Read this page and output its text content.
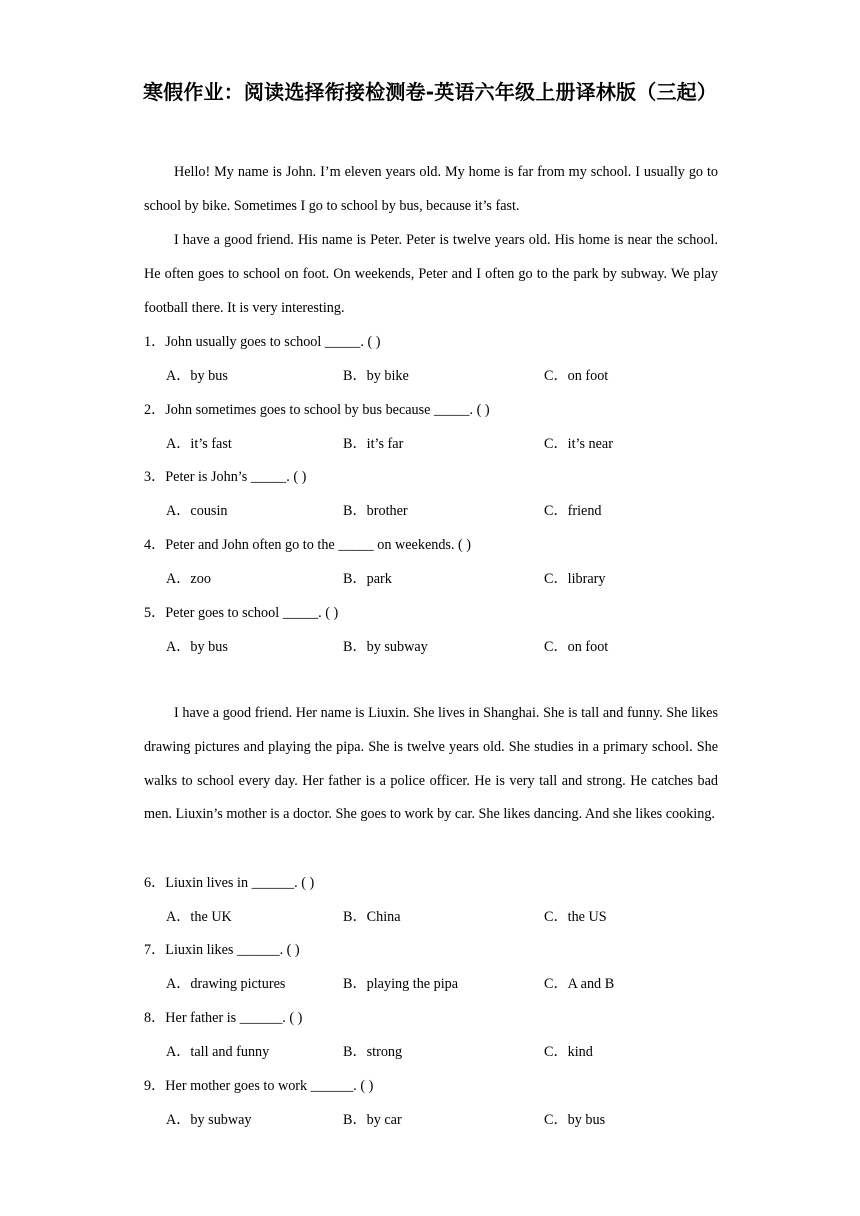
寒假作业：阅读选择衔接检测卷-英语六年级上册译林版（三起）
Hello! My name is John. I’m eleven years old. My home is far from my school. I usually go to school by bike. Sometimes I go to school by bus, because it’s fast.
I have a good friend. His name is Peter. Peter is twelve years old. His home is near the school. He often goes to school on foot. On weekends, Peter and I often go to the park by subway. We play football there. It is very interesting.
1．John usually goes to school _____. ( )
A．by bus	B．by bike	C．on foot
2．John sometimes goes to school by bus because _____. ( )
A．it’s fast	B．it’s far	C．it’s near
3．Peter is John’s _____. ( )
A．cousin	B．brother	C．friend
4．Peter and John often go to the _____ on weekends. ( )
A．zoo	B．park	C．library
5．Peter goes to school _____. ( )
A．by bus	B．by subway	C．on foot
I have a good friend. Her name is Liuxin. She lives in Shanghai. She is tall and funny. She likes drawing pictures and playing the pipa. She is twelve years old. She studies in a primary school. She walks to school every day. Her father is a police officer. He is very tall and strong. He catches bad men. Liuxin’s mother is a doctor. She goes to work by car. She likes dancing. And she likes cooking.
6．Liuxin lives in ______. ( )
A．the UK	B．China	C．the US
7．Liuxin likes ______. ( )
A．drawing pictures	B．playing the pipa	C．A and B
8．Her father is ______. ( )
A．tall and funny	B．strong	C．kind
9．Her mother goes to work ______. ( )
A．by subway	B．by car	C．by bus
